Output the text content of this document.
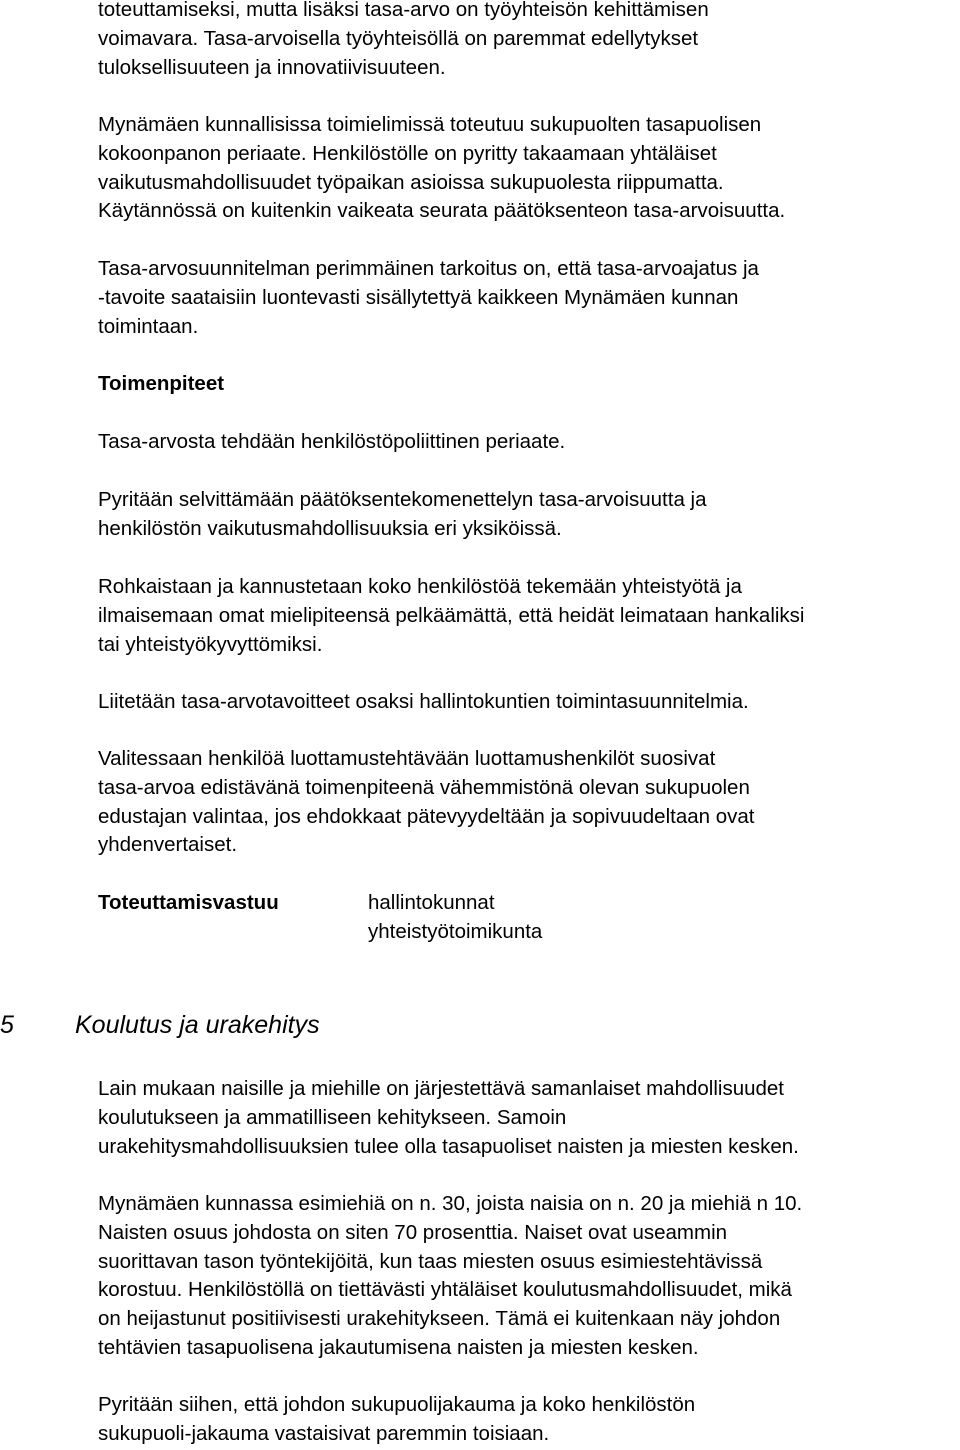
toteuttamiseksi, mutta lisäksi tasa-arvo on työyhteisön kehittämisen
voimavara. Tasa-arvoisella työyhteisöllä on paremmat edellytykset
tuloksellisuuteen ja innovatiivisuuteen.

Mynämäen kunnallisissa toimielimissä toteutuu sukupuolten tasapuolisen
kokoonpanon periaate. Henkilöstölle on pyritty takaamaan yhtäläiset
vaikutusmahdollisuudet työpaikan asioissa sukupuolesta riippumatta.
Käytännössä on kuitenkin vaikeata seurata päätöksenteon tasa-arvoisuutta.

Tasa-arvosuunnitelman perimmäinen tarkoitus on, että tasa-arvoajatus ja
-tavoite saataisiin luontevasti sisällytettyä kaikkeen Mynämäen kunnan
toimintaan.

Toimenpiteet

Tasa-arvosta tehdään henkilöstöpoliittinen periaate.

Pyritään selvittämään päätöksentekomenettelyn tasa-arvoisuutta ja
henkilöstön vaikutusmahdollisuuksia eri yksiköissä.

Rohkaistaan ja kannustetaan koko henkilöstöä tekemään yhteistyötä ja
ilmaisemaan omat mielipiteensä pelkäämättä, että heidät leimataan hankaliksi
tai yhteistyökyvyttömiksi.

Liitetään tasa-arvotavoitteet osaksi hallintokuntien toimintasuunnitelmia.

Valitessaan henkilöä luottamustehtävään luottamushenkilöt suosivat
tasa-arvoa edistävänä toimenpiteenä vähemmistönä olevan sukupuolen
edustajan valintaa, jos ehdokkaat pätevyydeltään ja sopivuudeltaan ovat
yhdenvertaiset.

Toteuttamisvastuu	hallintokunnat
yhteistyötoimikunta
5 Koulutus ja urakehitys

Lain mukaan naisille ja miehille on järjestettävä samanlaiset mahdollisuudet
koulutukseen ja ammatilliseen kehitykseen. Samoin
urakehitysmahdollisuuksien tulee olla tasapuoliset naisten ja miesten kesken.

Mynämäen kunnassa esimiehiä on n. 30, joista naisia on n. 20 ja miehiä n 10.
Naisten osuus johdosta on siten 70 prosenttia. Naiset ovat useammin
suorittavan tason työntekijöitä, kun taas miesten osuus esimiestehtävissä
korostuu. Henkilöstöllä on tiettävästi yhtäläiset koulutusmahdollisuudet, mikä
on heijastunut positiivisesti urakehitykseen. Tämä ei kuitenkaan näy johdon
tehtävien tasapuolisena jakautumisena naisten ja miesten kesken.

Pyritään siihen, että johdon sukupuolijakauma ja koko henkilöstön
sukupuoli-jakauma vastaisivat paremmin toisiaan.
